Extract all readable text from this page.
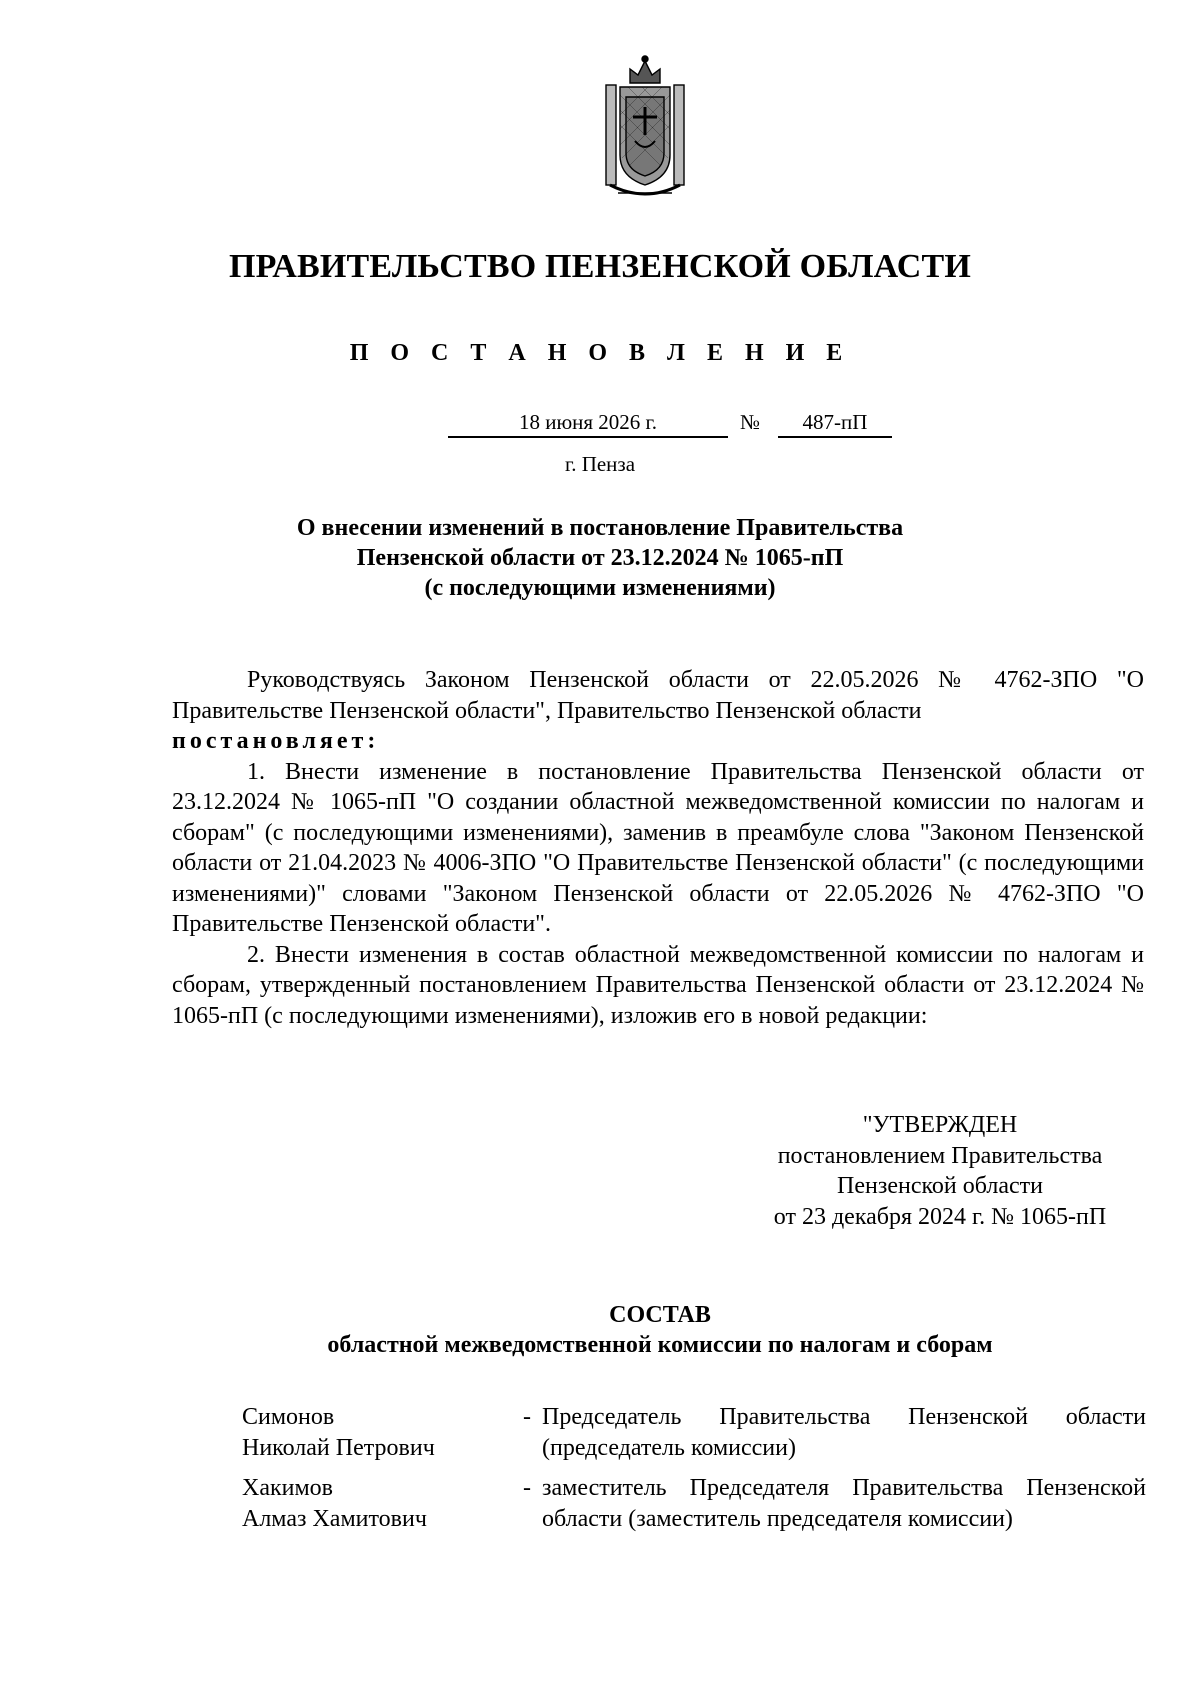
ПРАВИТЕЛЬСТВО ПЕНЗЕНСКОЙ ОБЛАСТИ
П О С Т А Н О В Л Е Н И Е
18 июня 2026 г.	№	487-пП
г. Пенза
О внесении изменений в постановление Правительства
Пензенской области от 23.12.2024 № 1065-пП
(с последующими изменениями)

Руководствуясь Законом Пензенской области от 22.05.2026 № 4762-ЗПО "О Правительстве Пензенской области", Правительство Пензенской области

постановляет:

1. Внести изменение в постановление Правительства Пензенской области от 23.12.2024 № 1065-пП "О создании областной межведомственной комиссии по налогам и сборам" (с последующими изменениями), заменив в преамбуле слова "Законом Пензенской области от 21.04.2023 № 4006-ЗПО "О Правительстве Пензенской области" (с последующими изменениями)" словами "Законом Пензенской области от 22.05.2026 № 4762-ЗПО "О Правительстве Пензенской области".

2. Внести изменения в состав областной межведомственной комиссии по налогам и сборам, утвержденный постановлением Правительства Пензенской области от 23.12.2024 № 1065-пП (с последующими изменениями), изложив его в новой редакции:

"УТВЕРЖДЕН
постановлением Правительства
Пензенской области
от 23 декабря 2024 г. № 1065-пП
СОСТАВ
областной межведомственной комиссии по налогам и сборам
Симонов
Николай Петрович
- Председатель Правительства Пензенской области (председатель комиссии)
Хакимов
Алмаз Хамитович
- заместитель Председателя Правительства Пензенской области (заместитель председателя комиссии)
